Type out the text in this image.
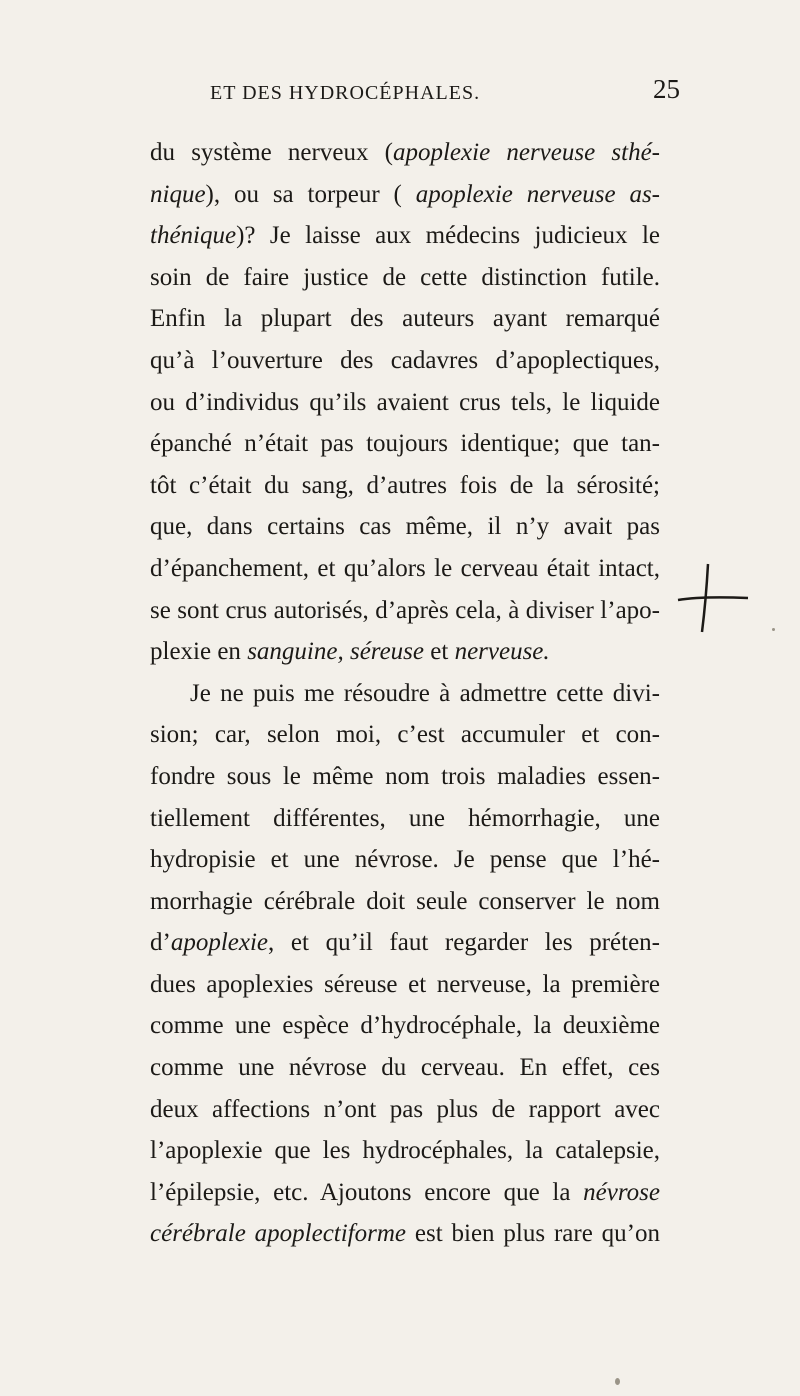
ET DES HYDROCÉPHALES.	25
du système nerveux (apoplexie nerveuse sthé-
nique), ou sa torpeur ( apoplexie nerveuse as-
thénique)? Je laisse aux médecins judicieux le
soin de faire justice de cette distinction futile.
Enfin la plupart des auteurs ayant remarqué
qu’à l’ouverture des cadavres d’apoplectiques,
ou d’individus qu’ils avaient crus tels, le liquide
épanché n’était pas toujours identique; que tan-
tôt c’était du sang, d’autres fois de la sérosité;
que, dans certains cas même, il n’y avait pas
d’épanchement, et qu’alors le cerveau était intact,
se sont crus autorisés, d’après cela, à diviser l’apo-
plexie en sanguine, séreuse et nerveuse.
Je ne puis me résoudre à admettre cette divi-
sion; car, selon moi, c’est accumuler et con-
fondre sous le même nom trois maladies essen-
tiellement différentes, une hémorrhagie, une
hydropisie et une névrose. Je pense que l’hé-
morrhagie cérébrale doit seule conserver le nom
d’apoplexie, et qu’il faut regarder les préten-
dues apoplexies séreuse et nerveuse, la première
comme une espèce d’hydrocéphale, la deuxième
comme une névrose du cerveau. En effet, ces
deux affections n’ont pas plus de rapport avec
l’apoplexie que les hydrocéphales, la catalepsie,
l’épilepsie, etc. Ajoutons encore que la névrose
cérébrale apoplectiforme est bien plus rare qu’on
